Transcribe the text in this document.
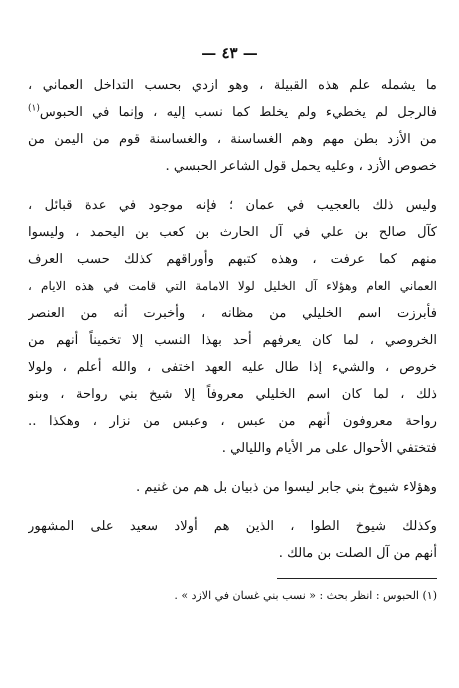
— ٤٣ —

ما يشمله علم هذه القبيلة ، وهو ازدي بحسب التداخل العماني ،
فالرجل لم يخطيء ولم يخلط كما نسب إليه ، وإنما في الحبوس$^{(١)}$
من الأزد بطن مهم وهم الغساسنة ، والغساسنة قوم من اليمن من
خصوص الأزد ، وعليه يحمل قول الشاعر الحبسي .

وليس ذلك بالعجيب في عمان ؛ فإنه موجود في عدة قبائل ،
كآل صالح بن علي في آل الحارث بن كعب بن اليحمد ، وليسوا
منهم كما عرفت ، وهذه كتبهم وأوراقهم كذلك حسب العرف
العماني العام وهؤلاء آل الخليل لولا الامامة التي قامت في هذه الايام ،
فأبرزت اسم الخليلي من مظانه ، وأخبرت أنه من العنصر
الخروصي ، لما كان يعرفهم أحد بهذا النسب إلا تخميناً أنهم من
خروص ، والشيء إذا طال عليه العهد اختفى ، والله أعلم ، ولولا
ذلك ، لما كان اسم الخليلي معروفاً إلا شيخ بني رواحة ، وبنو
رواحة معروفون أنهم من عبس ، وعبس من نزار ، وهكذا ..
فتختفي الأحوال على مر الأيام والليالي .

وهؤلاء شيوخ بني جابر ليسوا من ذبيان بل هم من غنيم .

وكذلك شيوخ الطوا ، الذين هم أولاد سعيد على المشهور
أنهم من آل الصلت بن مالك .

(١) الحبوس : انظر بحث : « نسب بني غسان في الازد » .
